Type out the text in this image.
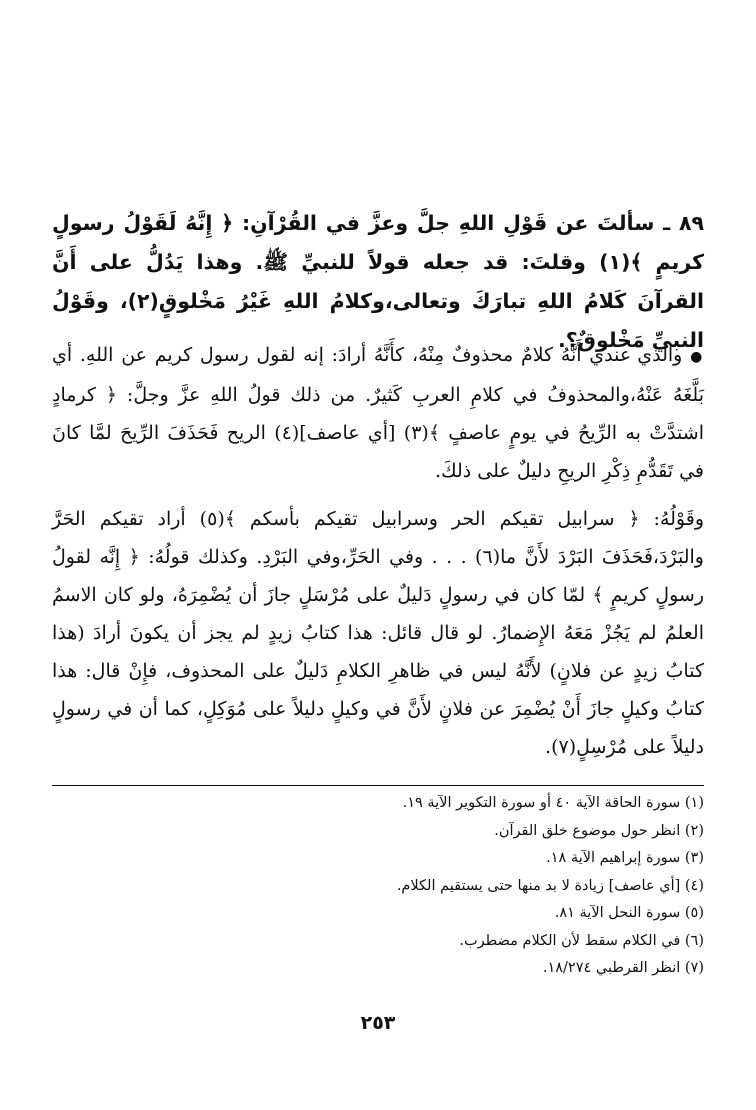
٨٩ ـ سألتَ عن قَوْلِ اللهِ جلَّ وعزَّ في القُرْآنِ: ﴿ إِنَّهُ لَقَوْلُ رسولٍ كريمٍ ﴾(١) وقلتَ: قد جعله قولاً للنبيِّ ﷺ. وهذا يَدُلُّ على أَنَّ القرآنَ كَلامُ اللهِ تبارَكَ وتعالى،وكلامُ اللهِ غَيْرُ مَخْلوقٍ(٢)، وقَوْلُ النبيِّ مَخْلوقٌ؟.
● والذي عندي أَنَّهُ كلامٌ محذوفٌ مِنْهُ، كأَنَّهُ أرادَ: إنه لقول رسول كريم عن اللهِ. أي بَلَّغَهُ عَنْهُ،والمحذوفُ في كلامِ العربِ كَثيرٌ. من ذلك قولُ اللهِ عزَّ وجلَّ: ﴿ كرمادٍ اشتدَّتْ به الرِّيحُ في يومٍ عاصفٍ ﴾(٣) [أي عاصف](٤) الريح فَحَذَفَ الرِّيحَ لمَّا كانَ في تَقَدُّمِ ذِكْرِ الريحِ دليلٌ على ذلكَ.
وقَوْلُهُ: ﴿ سرابيل تقيكم الحر وسرابيل تقيكم بأسكم ﴾(٥) أراد تقيكم الحَرَّ والبَرْدَ،فَحَذَفَ البَرْدَ لأَنَّ ما(٦) . . . وفي الحَرِّ،وفي البَرْدِ. وكذلك قولُهُ: ﴿ إِنَّه لقولُ رسولٍ كريمٍ ﴾ لمّا كان في رسولٍ دَليلٌ على مُرْسَلٍ جازَ أن يُضْمِرَهُ، ولو كان الاسمُ العلمُ لم يَجُزْ مَعَهُ الإِضمارُ. لو قال قائل: هذا كتابُ زيدٍ لم يجز أن يكونَ أرادَ (هذا كتابُ زيدٍ عن فلانٍ) لأَنَّهُ ليس في ظاهرِ الكلامِ دَليلٌ على المحذوف، فإِنْ قال: هذا كتابُ وكيلٍ جازَ أَنْ يُضْمِرَ عن فلانٍ لأَنَّ في وكيلٍ دليلاً على مُوَكِلٍ، كما أن في رسولٍ دليلاً على مُرْسِلٍ(٧).
(١) سورة الحاقة الآية ٤٠ أو سورة التكوير الآية ١٩.
(٢) انظر حول موضوع خلق القرآن.
(٣) سورة إبراهيم الآية ١٨.
(٤) [أي عاصف] زيادة لا بد منها حتى يستقيم الكلام.
(٥) سورة النحل الآية ٨١.
(٦) في الكلام سقط لأن الكلام مضطرب.
(٧) انظر القرطبي ١٨/٢٧٤.
٢٥٣
